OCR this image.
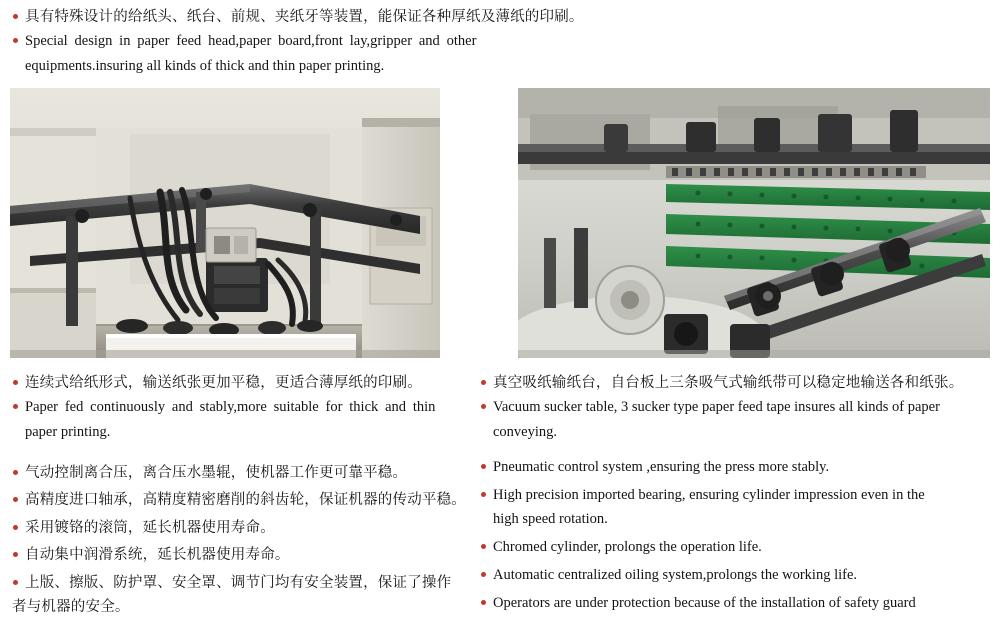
具有特殊设计的给纸头、纸台、前规、夹纸牙等装置，能保证各种厚纸及薄纸的印刷。
Special design in paper feed head,paper board,front lay,gripper and other
equipments.insuring all kinds of thick and thin paper printing.
连续式给纸形式，输送纸张更加平稳，更适合薄厚纸的印刷。
Paper fed continuously and stably,more suitable for thick and thin
paper printing.
真空吸纸输纸台，自台板上三条吸气式输纸带可以稳定地输送各和纸张。
Vacuum sucker table, 3 sucker type paper feed tape insures all kinds of paper
conveying.
气动控制离合压，离合压水墨辊，使机器工作更可靠平稳。
高精度进口轴承，高精度精密磨削的斜齿轮，保证机器的传动平稳。
采用镀铬的滚筒，延长机器使用寿命。
自动集中润滑系统，延长机器使用寿命。
上版、擦版、防护罩、安全罩、调节门均有安全装置，保证了操作
者与机器的安全。
Pneumatic control system ,ensuring the press more stably.
High precision imported bearing, ensuring cylinder impression even in the
high speed rotation.
Chromed cylinder, prolongs the operation life.
Automatic centralized oiling system,prolongs the working life.
Operators are under protection because of the installation of safety guard
